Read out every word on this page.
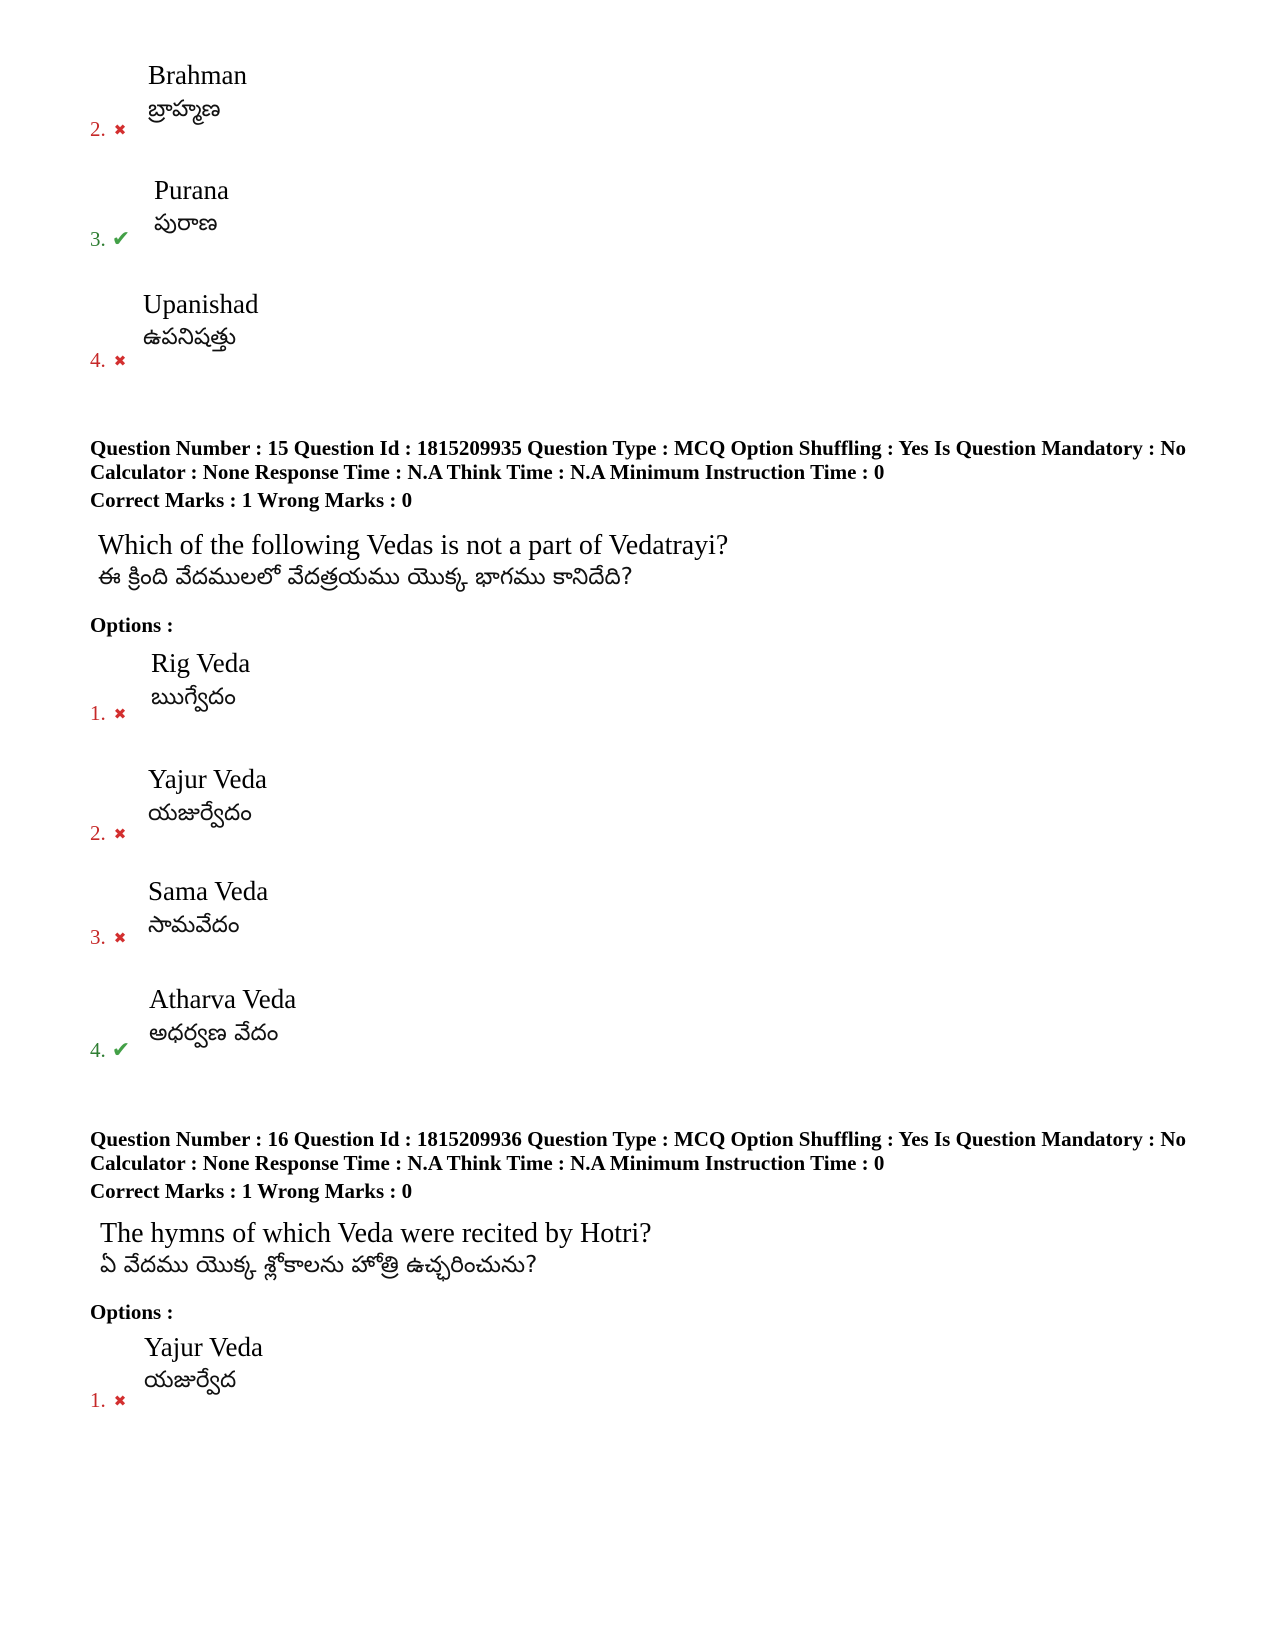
Brahman
బ్రాహ్మణ
2. ✖
Purana
పురాణ
3. ✔
Upanishad
ఉపనిషత్తు
4. ✖
Question Number : 15 Question Id : 1815209935 Question Type : MCQ Option Shuffling : Yes Is Question Mandatory : No Calculator : None Response Time : N.A Think Time : N.A Minimum Instruction Time : 0
Correct Marks : 1 Wrong Marks : 0
Which of the following Vedas is not a part of Vedatrayi?
ఈ క్రింది వేదములలో వేదత్రయము యొక్క భాగము కానిదేది?
Options :
Rig Veda
ఋగ్వేదం
1. ✖
Yajur Veda
యజుర్వేదం
2. ✖
Sama Veda
సామవేదం
3. ✖
Atharva Veda
అధర్వణ వేదం
4. ✔
Question Number : 16 Question Id : 1815209936 Question Type : MCQ Option Shuffling : Yes Is Question Mandatory : No Calculator : None Response Time : N.A Think Time : N.A Minimum Instruction Time : 0
Correct Marks : 1 Wrong Marks : 0
The hymns of which Veda were recited by Hotri?
ఏ వేదము యొక్క శ్లోకాలను హోత్రి ఉచ్ఛరించును?
Options :
Yajur Veda
యజుర్వేద
1. ✖
